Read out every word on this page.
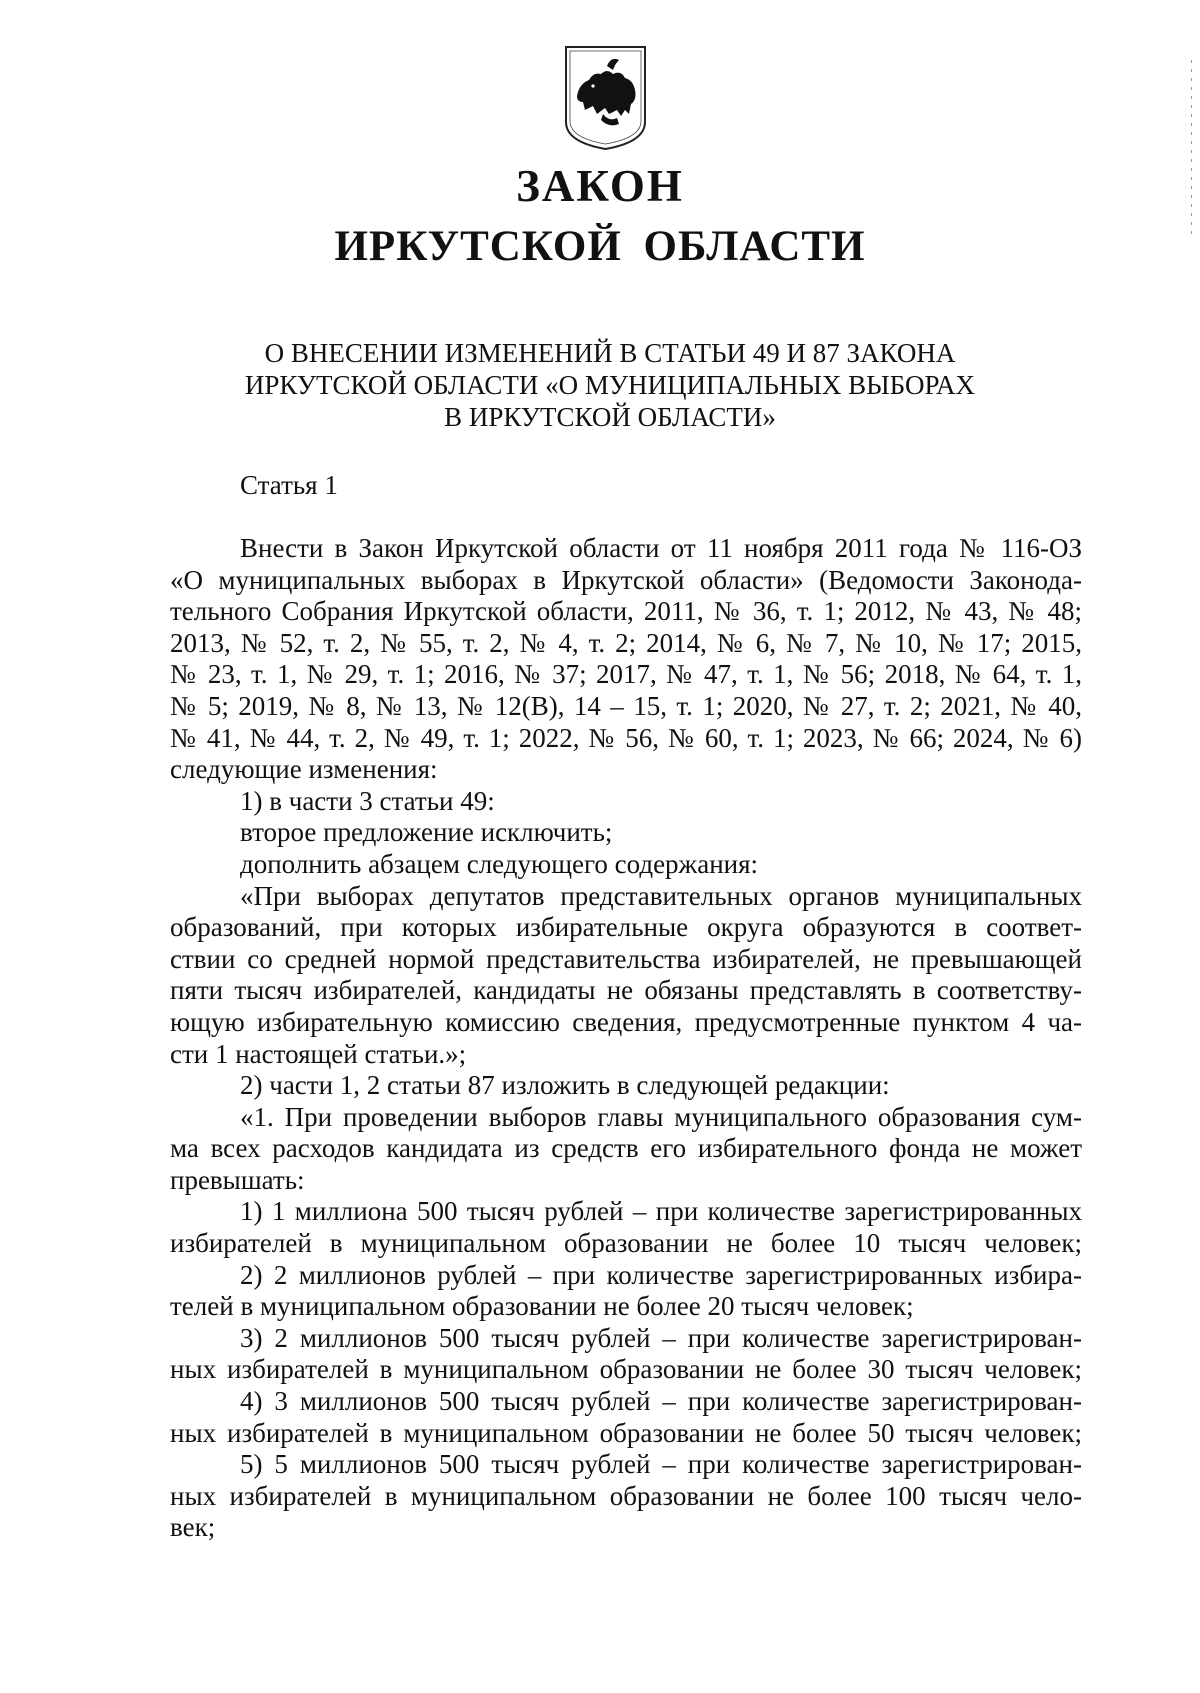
ЗАКОН
ИРКУТСКОЙ ОБЛАСТИ
О ВНЕСЕНИИ ИЗМЕНЕНИЙ В СТАТЬИ 49 И 87 ЗАКОНА
ИРКУТСКОЙ ОБЛАСТИ «О МУНИЦИПАЛЬНЫХ ВЫБОРАХ
В ИРКУТСКОЙ ОБЛАСТИ»
Статья 1
Внести в Закон Иркутской области от 11 ноября 2011 года № 116-ОЗ
«О муниципальных выборах в Иркутской области» (Ведомости Законода-
тельного Собрания Иркутской области, 2011, № 36, т. 1; 2012, № 43, № 48;
2013, № 52, т. 2, № 55, т. 2, № 4, т. 2; 2014, № 6, № 7, № 10, № 17; 2015,
№ 23, т. 1, № 29, т. 1; 2016, № 37; 2017, № 47, т. 1, № 56; 2018, № 64, т. 1,
№ 5; 2019, № 8, № 13, № 12(В), 14 – 15, т. 1; 2020, № 27, т. 2; 2021, № 40,
№ 41, № 44, т. 2, № 49, т. 1; 2022, № 56, № 60, т. 1; 2023, № 66; 2024, № 6)
следующие изменения:
1) в части 3 статьи 49:
второе предложение исключить;
дополнить абзацем следующего содержания:
«При выборах депутатов представительных органов муниципальных
образований, при которых избирательные округа образуются в соответ-
ствии со средней нормой представительства избирателей, не превышающей
пяти тысяч избирателей, кандидаты не обязаны представлять в соответству-
ющую избирательную комиссию сведения, предусмотренные пунктом 4 ча-
сти 1 настоящей статьи.»;
2) части 1, 2 статьи 87 изложить в следующей редакции:
«1. При проведении выборов главы муниципального образования сум-
ма всех расходов кандидата из средств его избирательного фонда не может
превышать:
1) 1 миллиона 500 тысяч рублей – при количестве зарегистрированных
избирателей в муниципальном образовании не более 10 тысяч человек;
2) 2 миллионов рублей – при количестве зарегистрированных избира-
телей в муниципальном образовании не более 20 тысяч человек;
3) 2 миллионов 500 тысяч рублей – при количестве зарегистрирован-
ных избирателей в муниципальном образовании не более 30 тысяч человек;
4) 3 миллионов 500 тысяч рублей – при количестве зарегистрирован-
ных избирателей в муниципальном образовании не более 50 тысяч человек;
5) 5 миллионов 500 тысяч рублей – при количестве зарегистрирован-
ных избирателей в муниципальном образовании не более 100 тысяч чело-
век;
